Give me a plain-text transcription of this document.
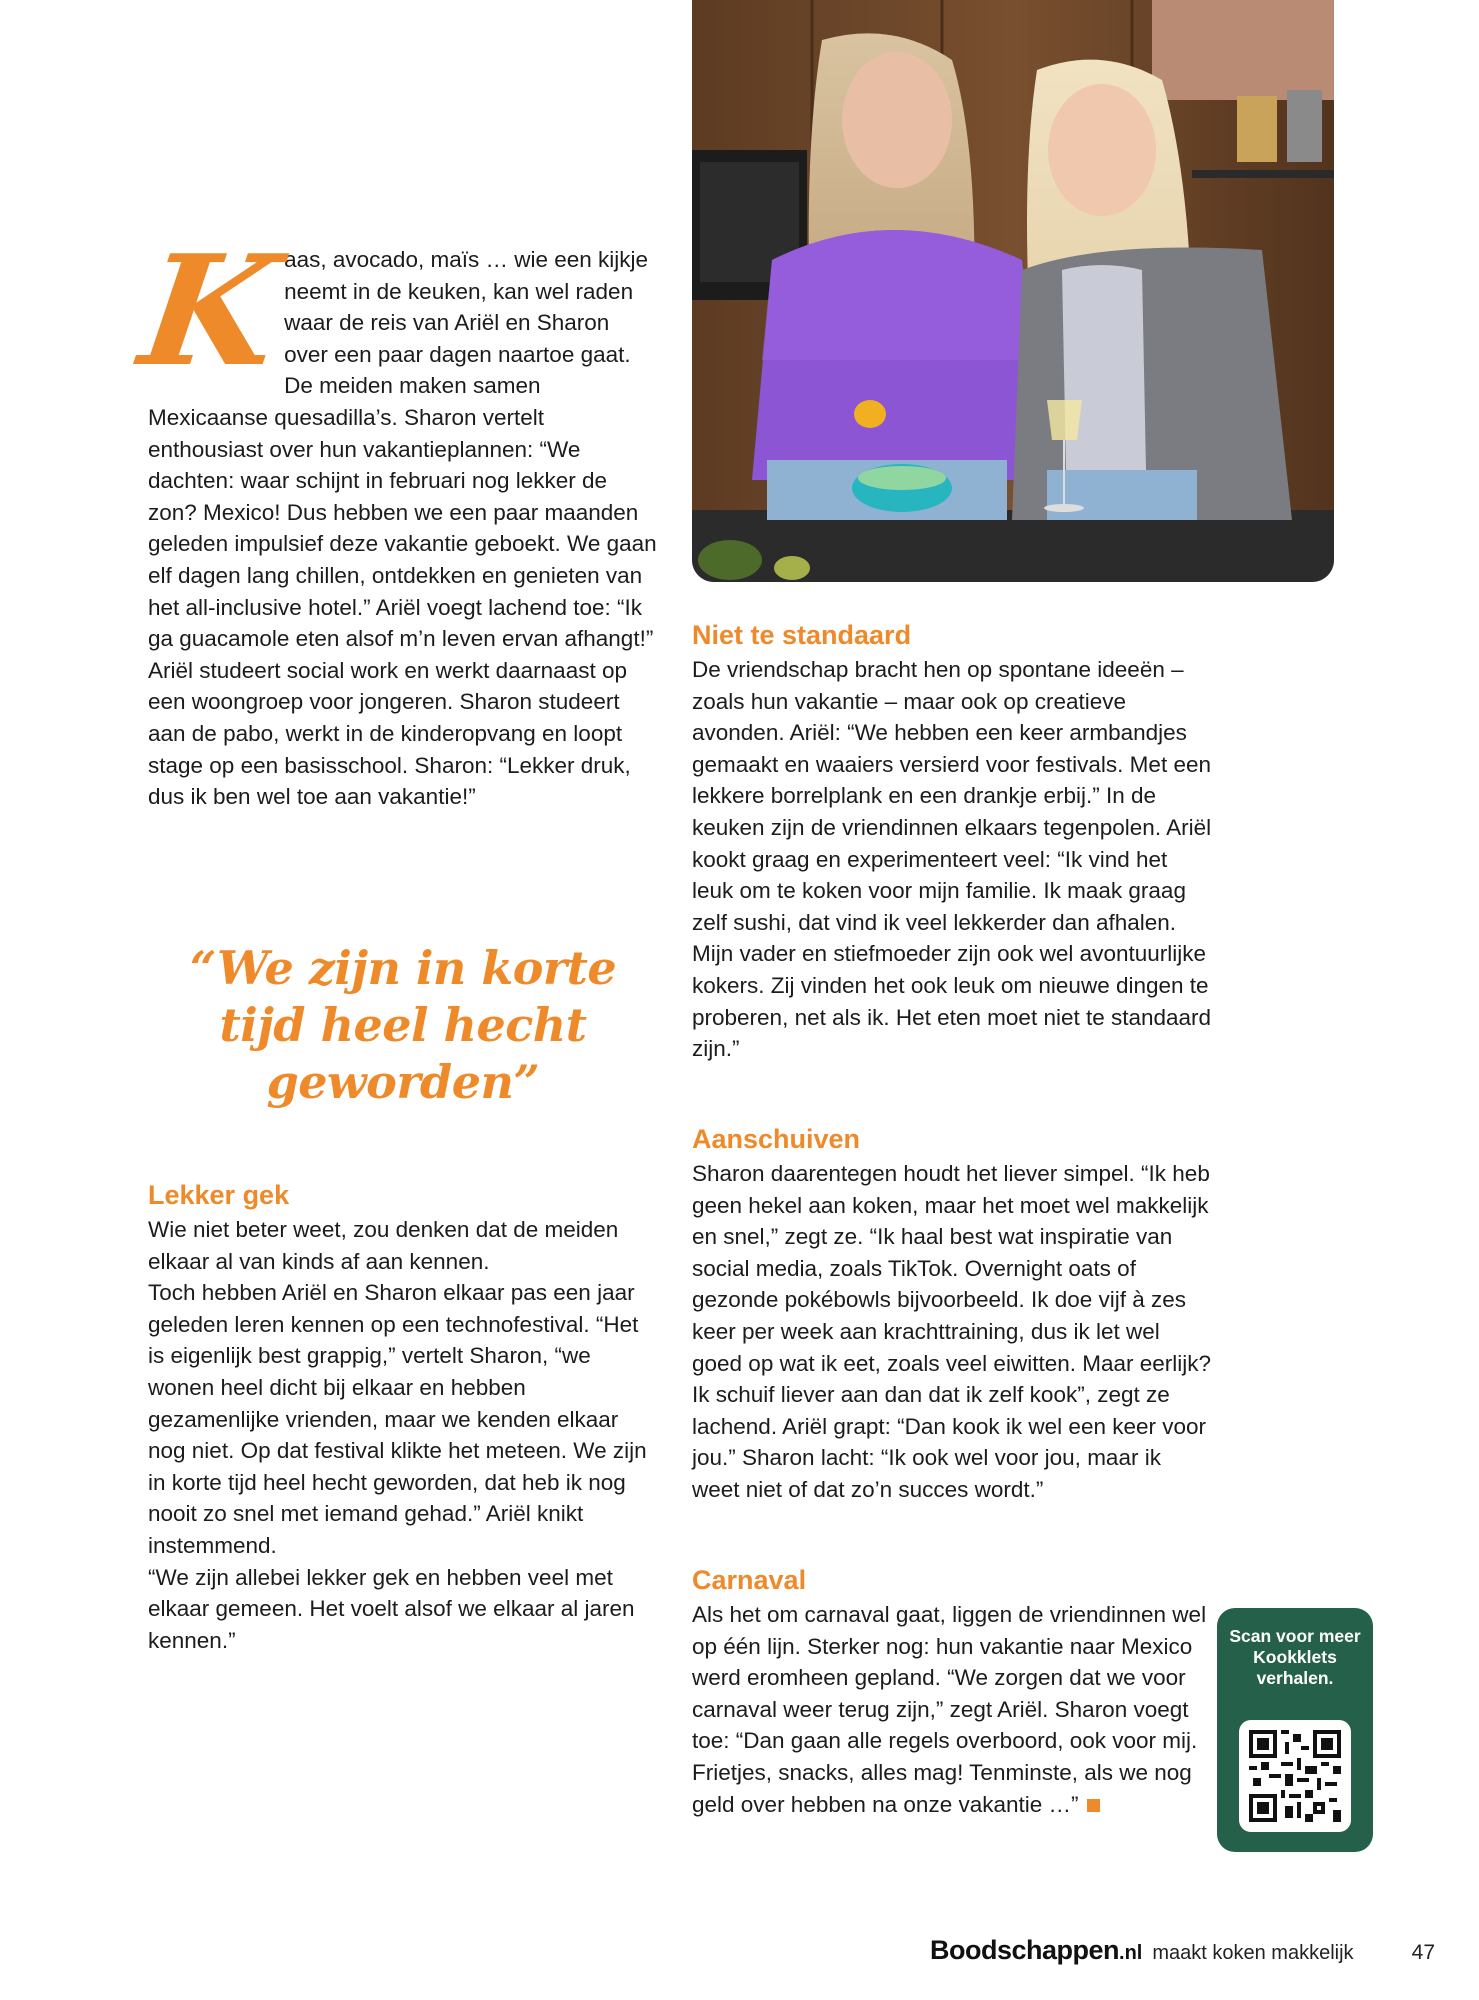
K

aas, avocado, maïs … wie een kijkje neemt in de keuken, kan wel raden waar de reis van Ariël en Sharon over een paar dagen naartoe gaat. De meiden maken samen Mexicaanse quesadilla’s. Sharon vertelt enthousiast over hun vakantieplannen: “We dachten: waar schijnt in februari nog lekker de zon? Mexico! Dus hebben we een paar maanden geleden impulsief deze vakantie geboekt. We gaan elf dagen lang chillen, ontdekken en genieten van het all-inclusive hotel.” Ariël voegt lachend toe: “Ik ga guacamole eten alsof m’n leven ervan afhangt!” Ariël studeert social work en werkt daarnaast op een woongroep voor jongeren. Sharon studeert aan de pabo, werkt in de kinderopvang en loopt stage op een basisschool. Sharon: “Lekker druk, dus ik ben wel toe aan vakantie!”

“We zijn in korte tijd heel hecht geworden”
Lekker gek

Wie niet beter weet, zou denken dat de meiden elkaar al van kinds af aan kennen.

Toch hebben Ariël en Sharon elkaar pas een jaar geleden leren kennen op een technofestival. “Het is eigenlijk best grappig,” vertelt Sharon, “we wonen heel dicht bij elkaar en hebben gezamenlijke vrienden, maar we kenden elkaar nog niet. Op dat festival klikte het meteen. We zijn in korte tijd heel hecht geworden, dat heb ik nog nooit zo snel met iemand gehad.” Ariël knikt instemmend.

“We zijn allebei lekker gek en hebben veel met elkaar gemeen. Het voelt alsof we elkaar al jaren kennen.”

Niet te standaard

De vriendschap bracht hen op spontane ideeën – zoals hun vakantie – maar ook op creatieve avonden. Ariël: “We hebben een keer armbandjes gemaakt en waaiers versierd voor festivals. Met een lekkere borrelplank en een drankje erbij.” In de keuken zijn de vriendinnen elkaars tegenpolen. Ariël kookt graag en experimenteert veel: “Ik vind het leuk om te koken voor mijn familie. Ik maak graag zelf sushi, dat vind ik veel lekkerder dan afhalen. Mijn vader en stiefmoeder zijn ook wel avontuurlijke kokers. Zij vinden het ook leuk om nieuwe dingen te proberen, net als ik. Het eten moet niet te standaard zijn.”

Aanschuiven

Sharon daarentegen houdt het liever simpel. “Ik heb geen hekel aan koken, maar het moet wel makkelijk en snel,” zegt ze. “Ik haal best wat inspiratie van social media, zoals TikTok. Overnight oats of gezonde pokébowls bijvoorbeeld. Ik doe vijf à zes keer per week aan krachttraining, dus ik let wel goed op wat ik eet, zoals veel eiwitten. Maar eerlijk?

Ik schuif liever aan dan dat ik zelf kook”, zegt ze lachend. Ariël grapt: “Dan kook ik wel een keer voor jou.” Sharon lacht: “Ik ook wel voor jou, maar ik weet niet of dat zo’n succes wordt.”

Carnaval

Als het om carnaval gaat, liggen de vriendinnen wel op één lijn. Sterker nog: hun vakantie naar Mexico werd eromheen gepland. “We zorgen dat we voor carnaval weer terug zijn,” zegt Ariël. Sharon voegt toe: “Dan gaan alle regels overboord, ook voor mij. Frietjes, snacks, alles mag! Tenminste, als we nog geld over hebben na onze vakantie …”

Scan voor meer Kookklets verhalen.
Boodschappen .nl maakt koken makkelijk	47
